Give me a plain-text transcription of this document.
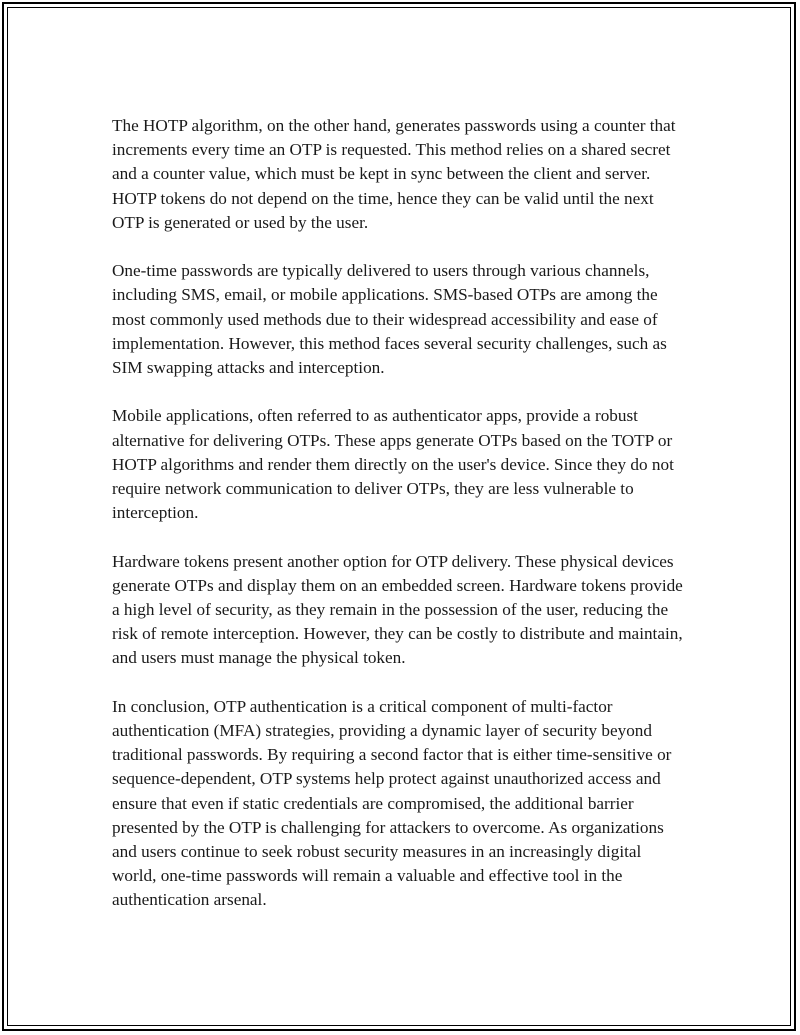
The HOTP algorithm, on the other hand, generates passwords using a counter that increments every time an OTP is requested. This method relies on a shared secret and a counter value, which must be kept in sync between the client and server. HOTP tokens do not depend on the time, hence they can be valid until the next OTP is generated or used by the user.

One-time passwords are typically delivered to users through various channels, including SMS, email, or mobile applications. SMS-based OTPs are among the most commonly used methods due to their widespread accessibility and ease of implementation. However, this method faces several security challenges, such as SIM swapping attacks and interception.

Mobile applications, often referred to as authenticator apps, provide a robust alternative for delivering OTPs. These apps generate OTPs based on the TOTP or HOTP algorithms and render them directly on the user's device. Since they do not require network communication to deliver OTPs, they are less vulnerable to interception.

Hardware tokens present another option for OTP delivery. These physical devices generate OTPs and display them on an embedded screen. Hardware tokens provide a high level of security, as they remain in the possession of the user, reducing the risk of remote interception. However, they can be costly to distribute and maintain, and users must manage the physical token.

In conclusion, OTP authentication is a critical component of multi-factor authentication (MFA) strategies, providing a dynamic layer of security beyond traditional passwords. By requiring a second factor that is either time-sensitive or sequence-dependent, OTP systems help protect against unauthorized access and ensure that even if static credentials are compromised, the additional barrier presented by the OTP is challenging for attackers to overcome. As organizations and users continue to seek robust security measures in an increasingly digital world, one-time passwords will remain a valuable and effective tool in the authentication arsenal.
